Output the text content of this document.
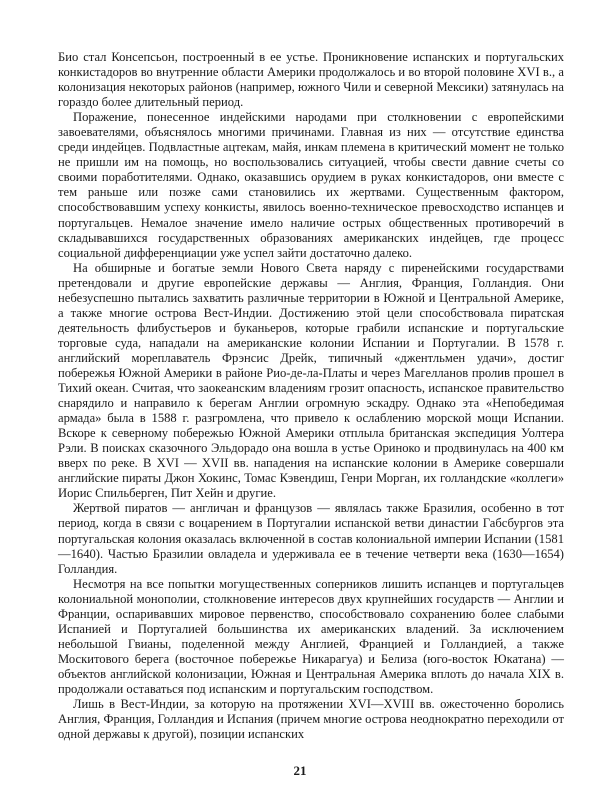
Био стал Консепсьон, построенный в ее устье. Проникновение испанских и португальских конкистадоров во внутренние области Америки продолжалось и во второй половине XVI в., а колонизация некоторых районов (например, южного Чили и северной Мексики) затянулась на гораздо более длительный период.

Поражение, понесенное индейскими народами при столкновении с европейскими завоевателями, объяснялось многими причинами. Главная из них — отсутствие единства среди индейцев. Подвластные ацтекам, майя, инкам племена в критический момент не только не пришли им на помощь, но воспользовались ситуацией, чтобы свести давние счеты со своими поработителями. Однако, оказавшись орудием в руках конкистадоров, они вместе с тем раньше или позже сами становились их жертвами. Существенным фактором, способствовавшим успеху конкисты, явилось военно-техническое превосходство испанцев и португальцев. Немалое значение имело наличие острых общественных противоречий в складывавшихся государственных образованиях американских индейцев, где процесс социальной дифференциации уже успел зайти достаточно далеко.

На обширные и богатые земли Нового Света наряду с пиренейскими государствами претендовали и другие европейские державы — Англия, Франция, Голландия. Они небезуспешно пытались захватить различные территории в Южной и Центральной Америке, а также многие острова Вест-Индии. Достижению этой цели способствовала пиратская деятельность флибустьеров и буканьеров, которые грабили испанские и португальские торговые суда, нападали на американские колонии Испании и Португалии. В 1578 г. английский мореплаватель Фрэнсис Дрейк, типичный «джентльмен удачи», достиг побережья Южной Америки в районе Рио-де-ла-Платы и через Магелланов пролив прошел в Тихий океан. Считая, что заокеанским владениям грозит опасность, испанское правительство снарядило и направило к берегам Англии огромную эскадру. Однако эта «Непобедимая армада» была в 1588 г. разгромлена, что привело к ослаблению морской мощи Испании. Вскоре к северному побережью Южной Америки отплыла британская экспедиция Уолтера Рэли. В поисках сказочного Эльдорадо она вошла в устье Ориноко и продвинулась на 400 км вверх по реке. В XVI — XVII вв. нападения на испанские колонии в Америке совершали английские пираты Джон Хокинс, Томас Кэвендиш, Генри Морган, их голландские «коллеги» Иорис Спильберген, Пит Хейн и другие.

Жертвой пиратов — англичан и французов — являлась также Бразилия, особенно в тот период, когда в связи с воцарением в Португалии испанской ветви династии Габсбургов эта португальская колония оказалась включенной в состав колониальной империи Испании (1581—1640). Частью Бразилии овладела и удерживала ее в течение четверти века (1630—1654) Голландия.

Несмотря на все попытки могущественных соперников лишить испанцев и португальцев колониальной монополии, столкновение интересов двух крупнейших государств — Англии и Франции, оспаривавших мировое первенство, способствовало сохранению более слабыми Испанией и Португалией большинства их американских владений. За исключением небольшой Гвианы, поделенной между Англией, Францией и Голландией, а также Москитового берега (восточное побережье Никарагуа) и Белиза (юго-восток Юкатана) — объектов английской колонизации, Южная и Центральная Америка вплоть до начала XIX в. продолжали оставаться под испанским и португальским господством.

Лишь в Вест-Индии, за которую на протяжении XVI—XVIII вв. ожесточенно боролись Англия, Франция, Голландия и Испания (причем многие острова неоднократно переходили от одной державы к другой), позиции испанских

21
